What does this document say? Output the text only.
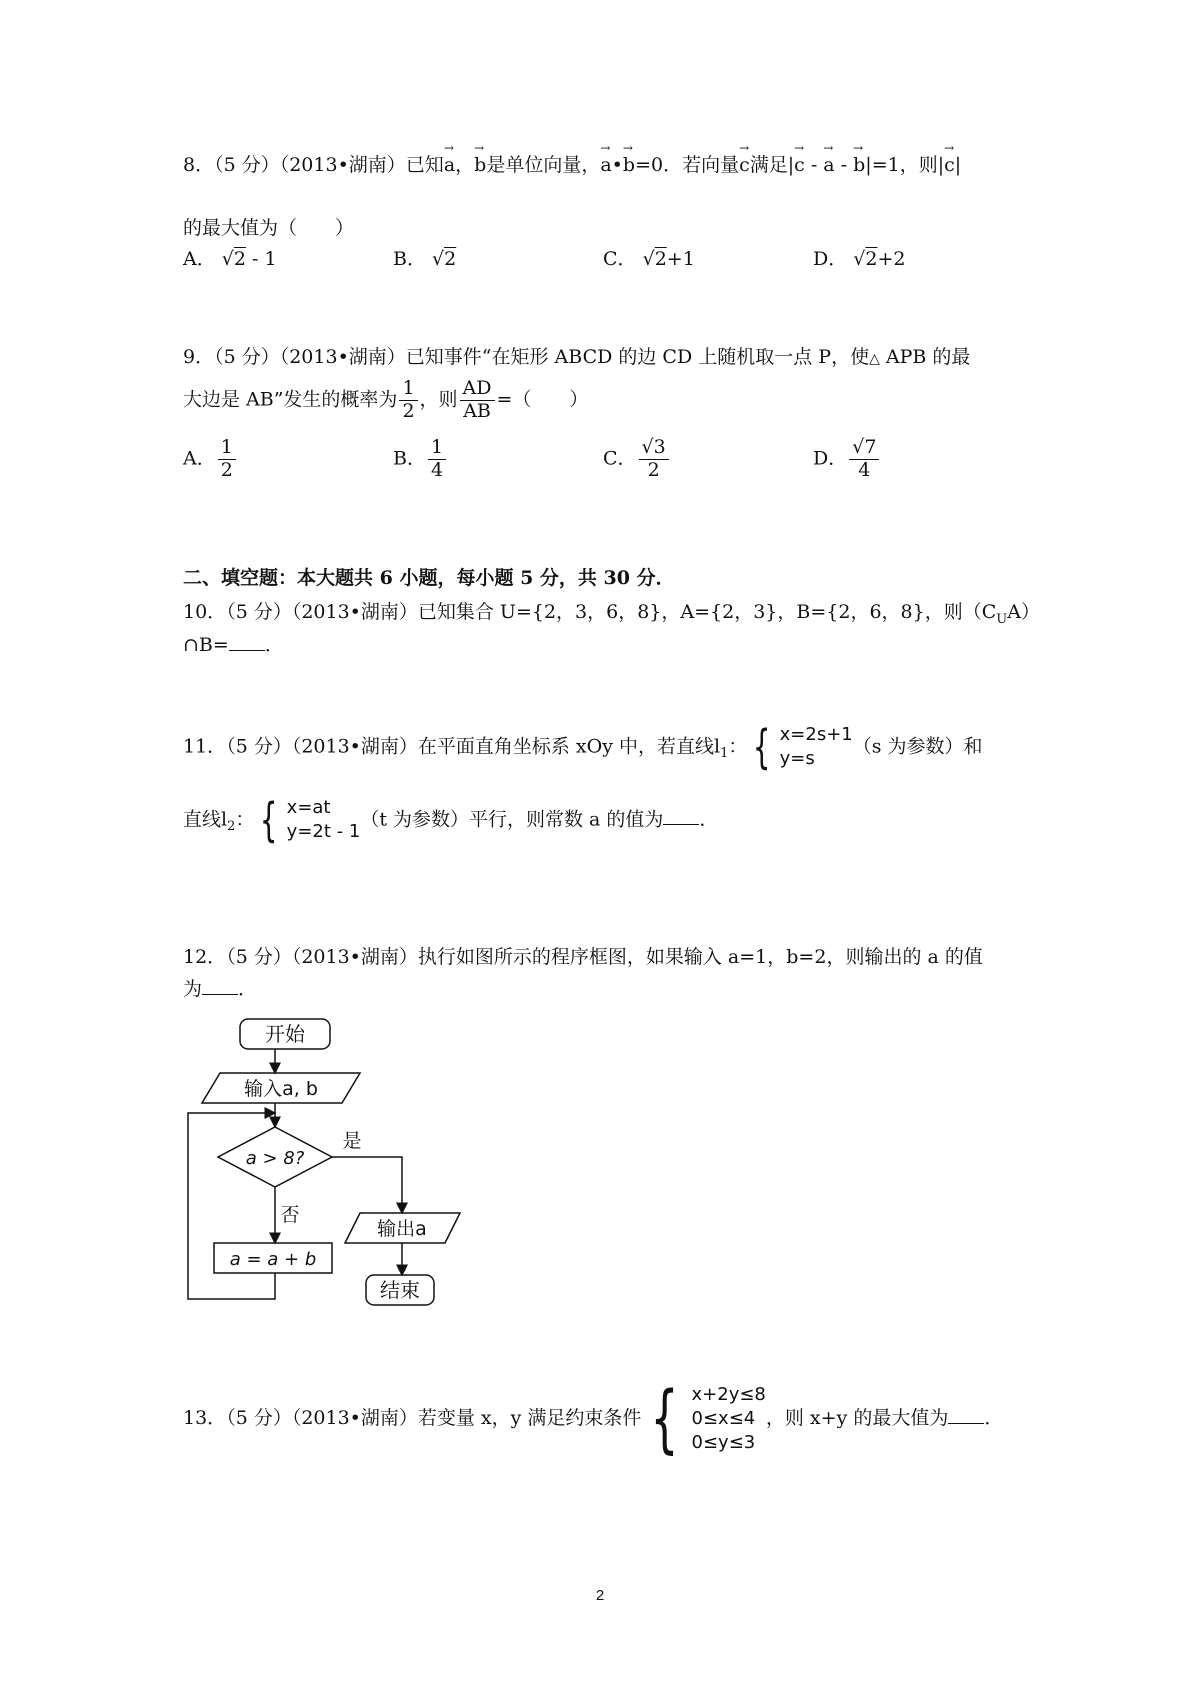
8．（5 分）（2013•湖南）已知→ a，→ b是单位向量，→ a•→ b=0．若向量→ c满足|→ c - → a - → b|=1，则|→ c|
的最大值为（　　）
A． √2 - 1	B． √2	C． √2+1	D． √2+2
9．（5 分）（2013•湖南）已知事件“在矩形 ABCD 的边 CD 上随机取一点 P，使△ APB 的最
大边是 AB”发生的概率为 $\frac{1}{2}$ ，则 $\frac{AD}{AB}$ =（　　）
A． $\frac{1}{2}$	B． $\frac{1}{4}$	C． $\frac{√3}{2}$	D． $\frac{√7}{4}$
二、填空题：本大题共 6 小题，每小题 5 分，共 30 分．
10．（5 分）（2013•湖南）已知集合 U={2，3，6，8}，A={2，3}，B={2，6，8}，则$(C_UA)$
∩B= ．
11．（5 分）（2013•湖南）在平面直角坐标系 xOy 中，若直线$l_1$： { x=2s+1
y=s
（s 为参数）和
直线$l_2$： { x=at
y=2t - 1
（t 为参数）平行，则常数 a 的值为 ．
12．（5 分）（2013•湖南）执行如图所示的程序框图，如果输入 a=1，b=2，则输出的 a 的值
为 ．
开始
输入a, b
a > 8?
是
否
a = a + b
输出a
结束
13．（5 分）（2013•湖南）若变量 x，y 满足约束条件 { x+2y≤8
0≤x≤4
0≤y≤3
，则 x+y 的最大值为 ．
2
